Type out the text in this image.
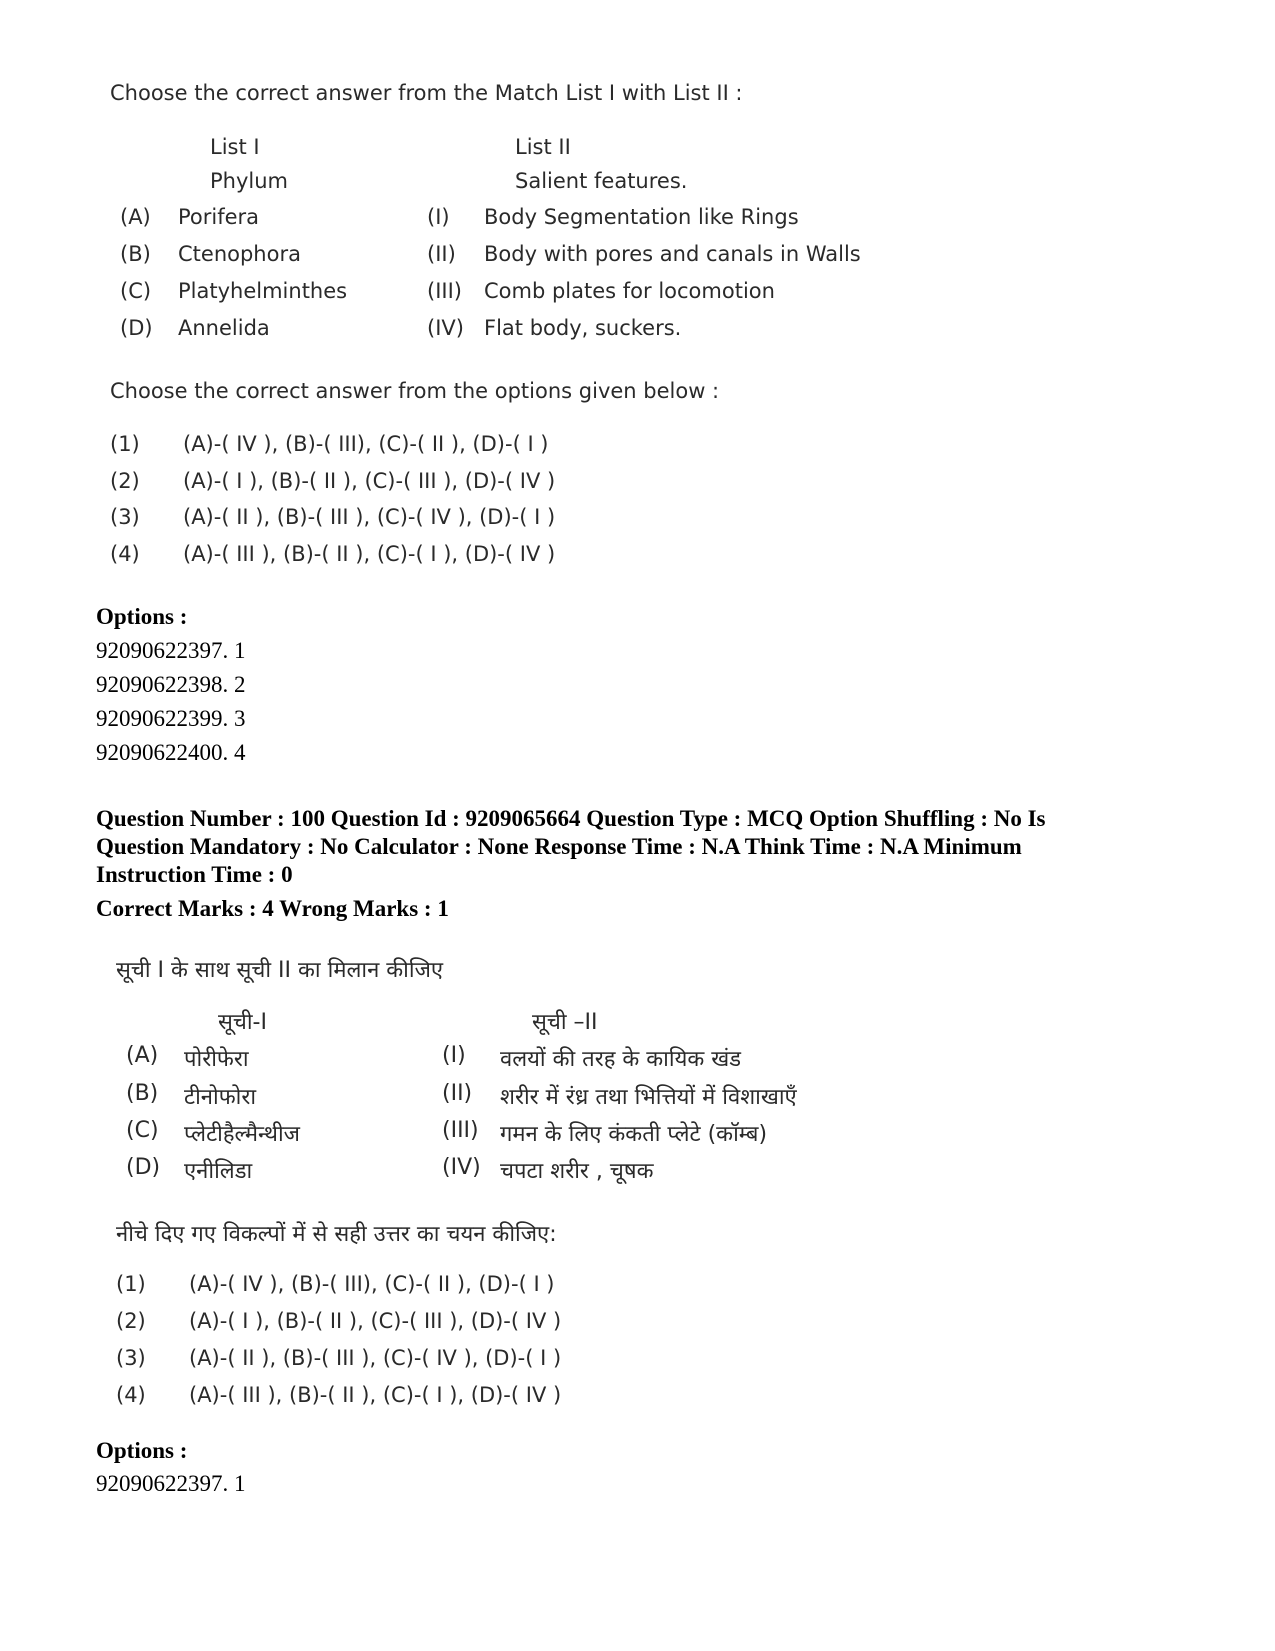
Choose the correct answer from the Match List I with List II :
List I	List II
Phylum	Salient features.
(A) Porifera	(I) Body Segmentation like Rings
(B) Ctenophora	(II) Body with pores and canals in Walls
(C) Platyhelminthes	(III) Comb plates for locomotion
(D) Annelida	(IV) Flat body, suckers.
Choose the correct answer from the options given below :
(1) (A)-( IV ), (B)-( III), (C)-( II ), (D)-( I )
(2) (A)-( I ), (B)-( II ), (C)-( III ), (D)-( IV )
(3) (A)-( II ), (B)-( III ), (C)-( IV ), (D)-( I )
(4) (A)-( III ), (B)-( II ), (C)-( I ), (D)-( IV )
Options :
92090622397. 1
92090622398. 2
92090622399. 3
92090622400. 4
Question Number : 100 Question Id : 9209065664 Question Type : MCQ Option Shuffling : No Is
Question Mandatory : No Calculator : None Response Time : N.A Think Time : N.A Minimum
Instruction Time : 0
Correct Marks : 4 Wrong Marks : 1
सूची I के साथ सूची II का मिलान कीजिए
सूची-I	सूची –II
(A) पोरीफेरा	(I) वलयों की तरह के कायिक खंड
(B) टीनोफोरा	(II) शरीर में रंध्र तथा भित्तियों में विशाखाएँ
(C) प्लेटीहैल्मैन्थीज	(III) गमन के लिए कंकती प्लेटे (कॉम्ब)
(D) एनीलिडा	(IV) चपटा शरीर , चूषक
नीचे दिए गए विकल्पों में से सही उत्तर का चयन कीजिए:
(1) (A)-( IV ), (B)-( III), (C)-( II ), (D)-( I )
(2) (A)-( I ), (B)-( II ), (C)-( III ), (D)-( IV )
(3) (A)-( II ), (B)-( III ), (C)-( IV ), (D)-( I )
(4) (A)-( III ), (B)-( II ), (C)-( I ), (D)-( IV )
Options :
92090622397. 1
